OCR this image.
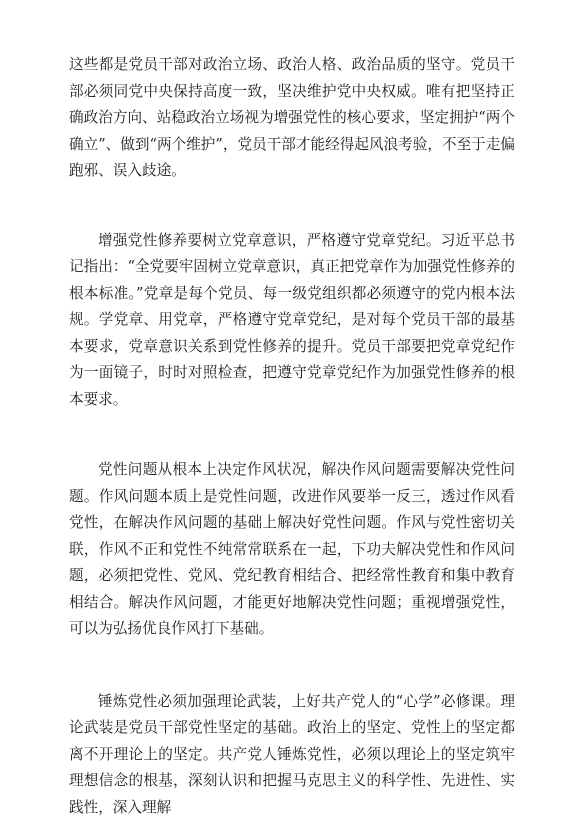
这些都是党员干部对政治立场、政治人格、政治品质的坚守。党员干部必须同党中央保持高度一致，坚决维护党中央权威。唯有把坚持正确政治方向、站稳政治立场视为增强党性的核心要求，坚定拥护“两个确立”、做到“两个维护”，党员干部才能经得起风浪考验，不至于走偏跑邪、误入歧途。

增强党性修养要树立党章意识，严格遵守党章党纪。习近平总书记指出：“全党要牢固树立党章意识，真正把党章作为加强党性修养的根本标准。”党章是每个党员、每一级党组织都必须遵守的党内根本法规。学党章、用党章，严格遵守党章党纪，是对每个党员干部的最基本要求，党章意识关系到党性修养的提升。党员干部要把党章党纪作为一面镜子，时时对照检查，把遵守党章党纪作为加强党性修养的根本要求。

党性问题从根本上决定作风状况，解决作风问题需要解决党性问题。作风问题本质上是党性问题，改进作风要举一反三，透过作风看党性，在解决作风问题的基础上解决好党性问题。作风与党性密切关联，作风不正和党性不纯常常联系在一起，下功夫解决党性和作风问题，必须把党性、党风、党纪教育相结合、把经常性教育和集中教育相结合。解决作风问题，才能更好地解决党性问题；重视增强党性，可以为弘扬优良作风打下基础。

锤炼党性必须加强理论武装，上好共产党人的“心学”必修课。理论武装是党员干部党性坚定的基础。政治上的坚定、党性上的坚定都离不开理论上的坚定。共产党人锤炼党性，必须以理论上的坚定筑牢理想信念的根基，深刻认识和把握马克思主义的科学性、先进性、实践性，深入理解
